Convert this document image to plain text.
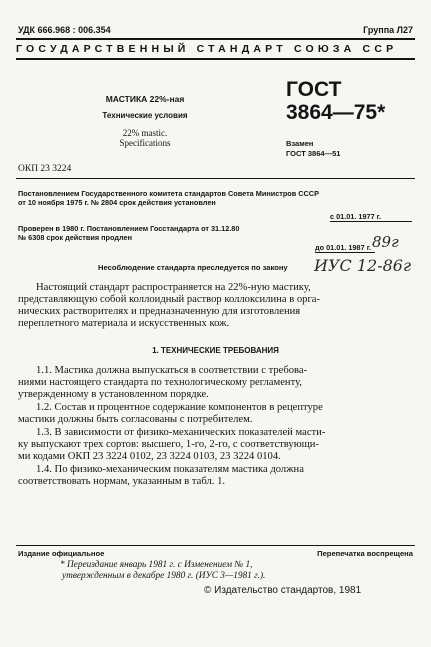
УДК 666.968 : 006.354	Группа Л27
ГОСУДАРСТВЕННЫЙ СТАНДАРТ СОЮЗА ССР
МАСТИКА 22%-ная
Технические условия
22% mastic.
Specifications
ГОСТ
3864—75*
Взамен
ГОСТ 3864—51
ОКП 23 3224
Постановлением Государственного комитета стандартов Совета Министров СССР
от 10 ноября 1975 г. № 2804 срок действия установлен
с 01.01. 1977 г.
Проверен в 1980 г. Постановлением Госстандарта от 31.12.80
№ 6308 срок действия продлен
до 01.01. 1987 г. 89г
Несоблюдение стандарта преследуется по закону ИУС 12-86г
Настоящий стандарт распространяется на 22%-ную мастику,
представляющую собой коллоидный раствор коллоксилина в орга-
нических растворителях и предназначенную для изготовления
переплетного материала и искусственных кож.
1. ТЕХНИЧЕСКИЕ ТРЕБОВАНИЯ
1.1. Мастика должна выпускаться в соответствии с требова-
ниями настоящего стандарта по технологическому регламенту,
утвержденному в установленном порядке.
1.2. Состав и процентное содержание компонентов в рецептуре
мастики должны быть согласованы с потребителем.
1.3. В зависимости от физико-механических показателей масти-
ку выпускают трех сортов: высшего, 1-го, 2-го, с соответствующи-
ми кодами ОКП 23 3224 0102, 23 3224 0103, 23 3224 0104.
1.4. По физико-механическим показателям мастика должна
соответствовать нормам, указанным в табл. 1.
Издание официальное	Перепечатка воспрещена
* Переиздание январь 1981 г. с Изменением № 1,
утвержденным в декабре 1980 г. (ИУС 3—1981 г.).
© Издательство стандартов, 1981
